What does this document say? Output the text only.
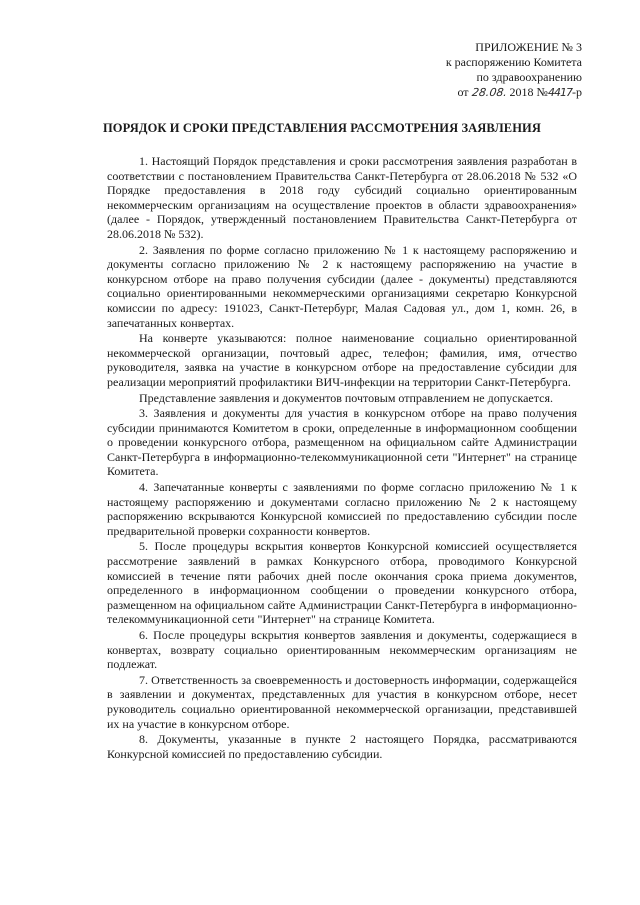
ПРИЛОЖЕНИЕ № 3
к распоряжению Комитета
по здравоохранению
от 28.08. 2018 №4417-р
ПОРЯДОК И СРОКИ ПРЕДСТАВЛЕНИЯ РАССМОТРЕНИЯ ЗАЯВЛЕНИЯ

1. Настоящий Порядок представления и сроки рассмотрения заявления разработан в соответствии с постановлением Правительства Санкт-Петербурга от 28.06.2018 № 532 «О Порядке предоставления в 2018 году субсидий социально ориентированным некоммерческим организациям на осуществление проектов в области здравоохранения» (далее - Порядок, утвержденный постановлением Правительства Санкт-Петербурга от 28.06.2018 № 532).

2. Заявления по форме согласно приложению № 1 к настоящему распоряжению и документы согласно приложению № 2 к настоящему распоряжению на участие в конкурсном отборе на право получения субсидии (далее - документы) представляются социально ориентированными некоммерческими организациями секретарю Конкурсной комиссии по адресу: 191023, Санкт-Петербург, Малая Садовая ул., дом 1, комн. 26, в запечатанных конвертах.

На конверте указываются: полное наименование социально ориентированной некоммерческой организации, почтовый адрес, телефон; фамилия, имя, отчество руководителя, заявка на участие в конкурсном отборе на предоставление субсидии для реализации мероприятий профилактики ВИЧ-инфекции на территории Санкт-Петербурга.

Представление заявления и документов почтовым отправлением не допускается.

3. Заявления и документы для участия в конкурсном отборе на право получения субсидии принимаются Комитетом в сроки, определенные в информационном сообщении о проведении конкурсного отбора, размещенном на официальном сайте Администрации Санкт-Петербурга в информационно-телекоммуникационной сети "Интернет" на странице Комитета.

4. Запечатанные конверты с заявлениями по форме согласно приложению № 1 к настоящему распоряжению и документами согласно приложению № 2 к настоящему распоряжению вскрываются Конкурсной комиссией по предоставлению субсидии после предварительной проверки сохранности конвертов.

5. После процедуры вскрытия конвертов Конкурсной комиссией осуществляется рассмотрение заявлений в рамках Конкурсного отбора, проводимого Конкурсной комиссией в течение пяти рабочих дней после окончания срока приема документов, определенного в информационном сообщении о проведении конкурсного отбора, размещенном на официальном сайте Администрации Санкт-Петербурга в информационно-телекоммуникационной сети "Интернет" на странице Комитета.

6. После процедуры вскрытия конвертов заявления и документы, содержащиеся в конвертах, возврату социально ориентированным некоммерческим организациям не подлежат.

7. Ответственность за своевременность и достоверность информации, содержащейся в заявлении и документах, представленных для участия в конкурсном отборе, несет руководитель социально ориентированной некоммерческой организации, представившей их на участие в конкурсном отборе.

8. Документы, указанные в пункте 2 настоящего Порядка, рассматриваются Конкурсной комиссией по предоставлению субсидии.
